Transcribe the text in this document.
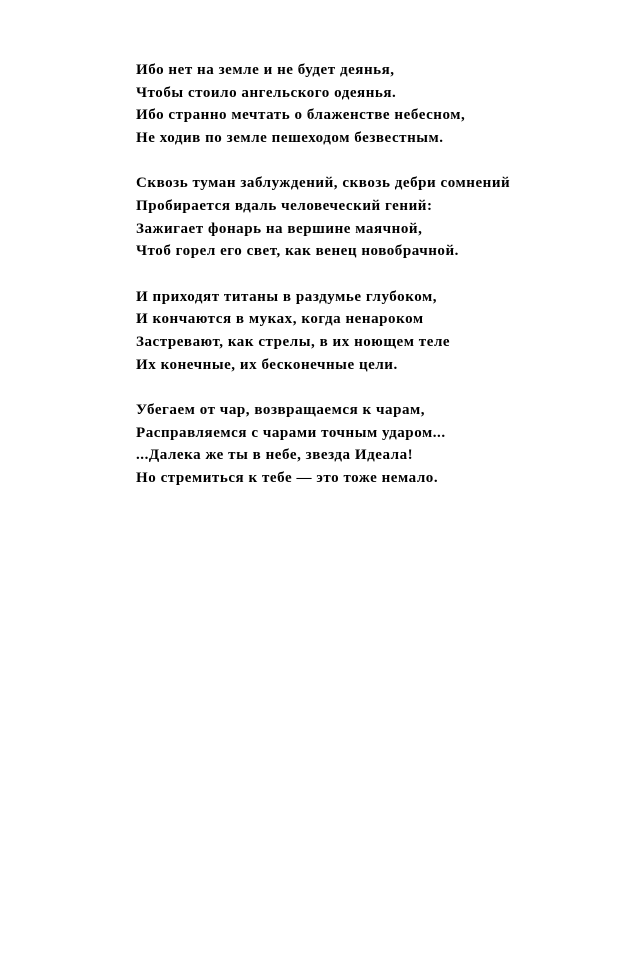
Ибо нет на земле и не будет деянья,
Чтобы стоило ангельского одеянья.
Ибо странно мечтать о блаженстве небесном,
Не ходив по земле пешеходом безвестным.
Сквозь туман заблуждений, сквозь дебри сомнений
Пробирается вдаль человеческий гений:
Зажигает фонарь на вершине маячной,
Чтоб горел его свет, как венец новобрачной.
И приходят титаны в раздумье глубоком,
И кончаются в муках, когда ненароком
Застревают, как стрелы, в их ноющем теле
Их конечные, их бесконечные цели.
Убегаем от чар, возвращаемся к чарам,
Расправляемся с чарами точным ударом...
...Далека же ты в небе, звезда Идеала!
Но стремиться к тебе — это тоже немало.
